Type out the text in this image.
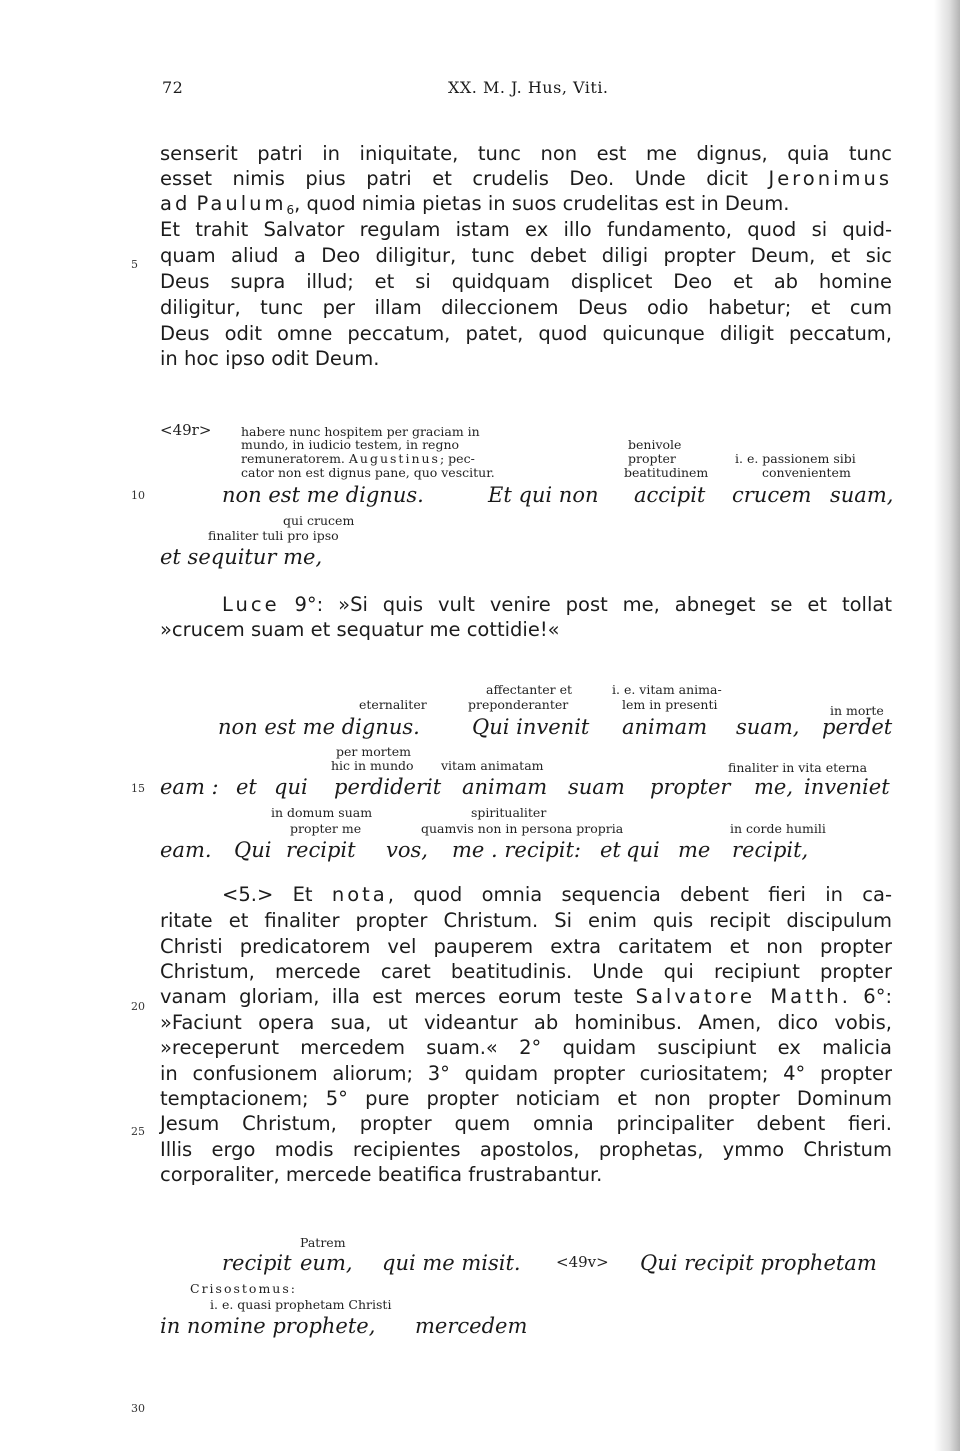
72	XX. M. J. Hus, Viti.
5
10
15
20
25
30
senserit patri in iniquitate, tunc non est me dignus, quia tunc
esset nimis pius patri et crudelis Deo. Unde dicit Jeronimus
ad Paulum$_6$, quod nimia pietas in suos crudelitas est in Deum.
Et trahit Salvator regulam istam ex illo fundamento, quod si quid-
quam aliud a Deo diligitur, tunc debet diligi propter Deum, et sic
Deus supra illud; et si quidquam displicet Deo et ab homine
diligitur, tunc per illam dileccionem Deus odio habetur; et cum
Deus odit omne peccatum, patet, quod quicunque diligit peccatum,
in hoc ipso odit Deum.
<49r> habere nunc hospitem per graciam in
mundo, in iudicio testem, in regno
remuneratorem. Augustinus; pec-
cator non est dignus pane, quo vescitur.
benivole
propter
beatitudinem
i. e. passionem sibi
convenientem
non est me dignus.	Et qui non accipit crucem suam,
qui crucem
finaliter tuli pro ipso
et sequitur me,
Luce 9°: »Si quis vult venire post me, abneget se et tollat
»crucem suam et sequatur me cottidie!«
affectanter et	i. e. vitam anima-
eternaliter	preponderanter	lem in presenti	in morte
non est me dignus. Qui invenit animam suam, perdet
per mortem
hic in mundo vitam animatam	finaliter in vita eterna
eam : et qui perdiderit animam suam propter me, inveniet
in domum suam	spiritualiter
propter me	quamvis non in persona propria	in corde humili
eam. Qui recipit vos, me . recipit: et qui me recipit,
<5.> Et nota, quod omnia sequencia debent fieri in ca-
ritate et finaliter propter Christum. Si enim quis recipit discipulum
Christi predicatorem vel pauperem extra caritatem et non propter
Christum, mercede caret beatitudinis. Unde qui recipiunt propter
vanam gloriam, illa est merces eorum teste Salvatore Matth. 6°:
»Faciunt opera sua, ut videantur ab hominibus. Amen, dico vobis,
»receperunt mercedem suam.« 2° quidam suscipiunt ex malicia
in confusionem aliorum; 3° quidam propter curiositatem; 4° propter
temptacionem; 5° pure propter noticiam et non propter Dominum
Jesum Christum, propter quem omnia principaliter debent fieri.
Illis ergo modis recipientes apostolos, prophetas, ymmo Christum
corporaliter, mercede beatifica frustrabantur.
Patrem
recipit eum, qui me misit. <49v> Qui recipit prophetam
Crisostomus:
i. e. quasi prophetam Christi
in nomine prophete, mercedem
